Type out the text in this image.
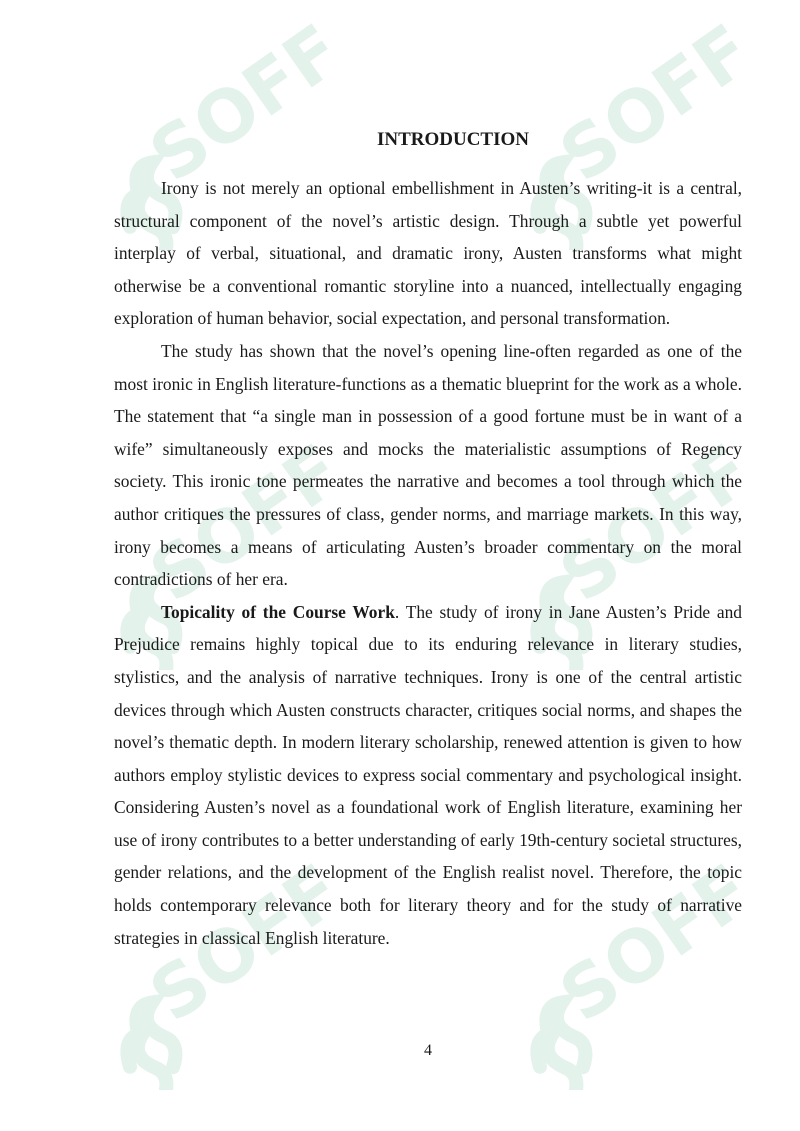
SOFF	SOFF
SOFF	SOFF
SOFF	SOFF
INTRODUCTION

Irony is not merely an optional embellishment in Austen’s writing-it is a central, structural component of the novel’s artistic design. Through a subtle yet powerful interplay of verbal, situational, and dramatic irony, Austen transforms what might otherwise be a conventional romantic storyline into a nuanced, intellectually engaging exploration of human behavior, social expectation, and personal transformation.

The study has shown that the novel’s opening line-often regarded as one of the most ironic in English literature-functions as a thematic blueprint for the work as a whole. The statement that “a single man in possession of a good fortune must be in want of a wife” simultaneously exposes and mocks the materialistic assumptions of Regency society. This ironic tone permeates the narrative and becomes a tool through which the author critiques the pressures of class, gender norms, and marriage markets. In this way, irony becomes a means of articulating Austen’s broader commentary on the moral contradictions of her era.

Topicality of the Course Work. The study of irony in Jane Austen’s Pride and Prejudice remains highly topical due to its enduring relevance in literary studies, stylistics, and the analysis of narrative techniques. Irony is one of the central artistic devices through which Austen constructs character, critiques social norms, and shapes the novel’s thematic depth. In modern literary scholarship, renewed attention is given to how authors employ stylistic devices to express social commentary and psychological insight. Considering Austen’s novel as a foundational work of English literature, examining her use of irony contributes to a better understanding of early 19th-century societal structures, gender relations, and the development of the English realist novel. Therefore, the topic holds contemporary relevance both for literary theory and for the study of narrative strategies in classical English literature.

4
